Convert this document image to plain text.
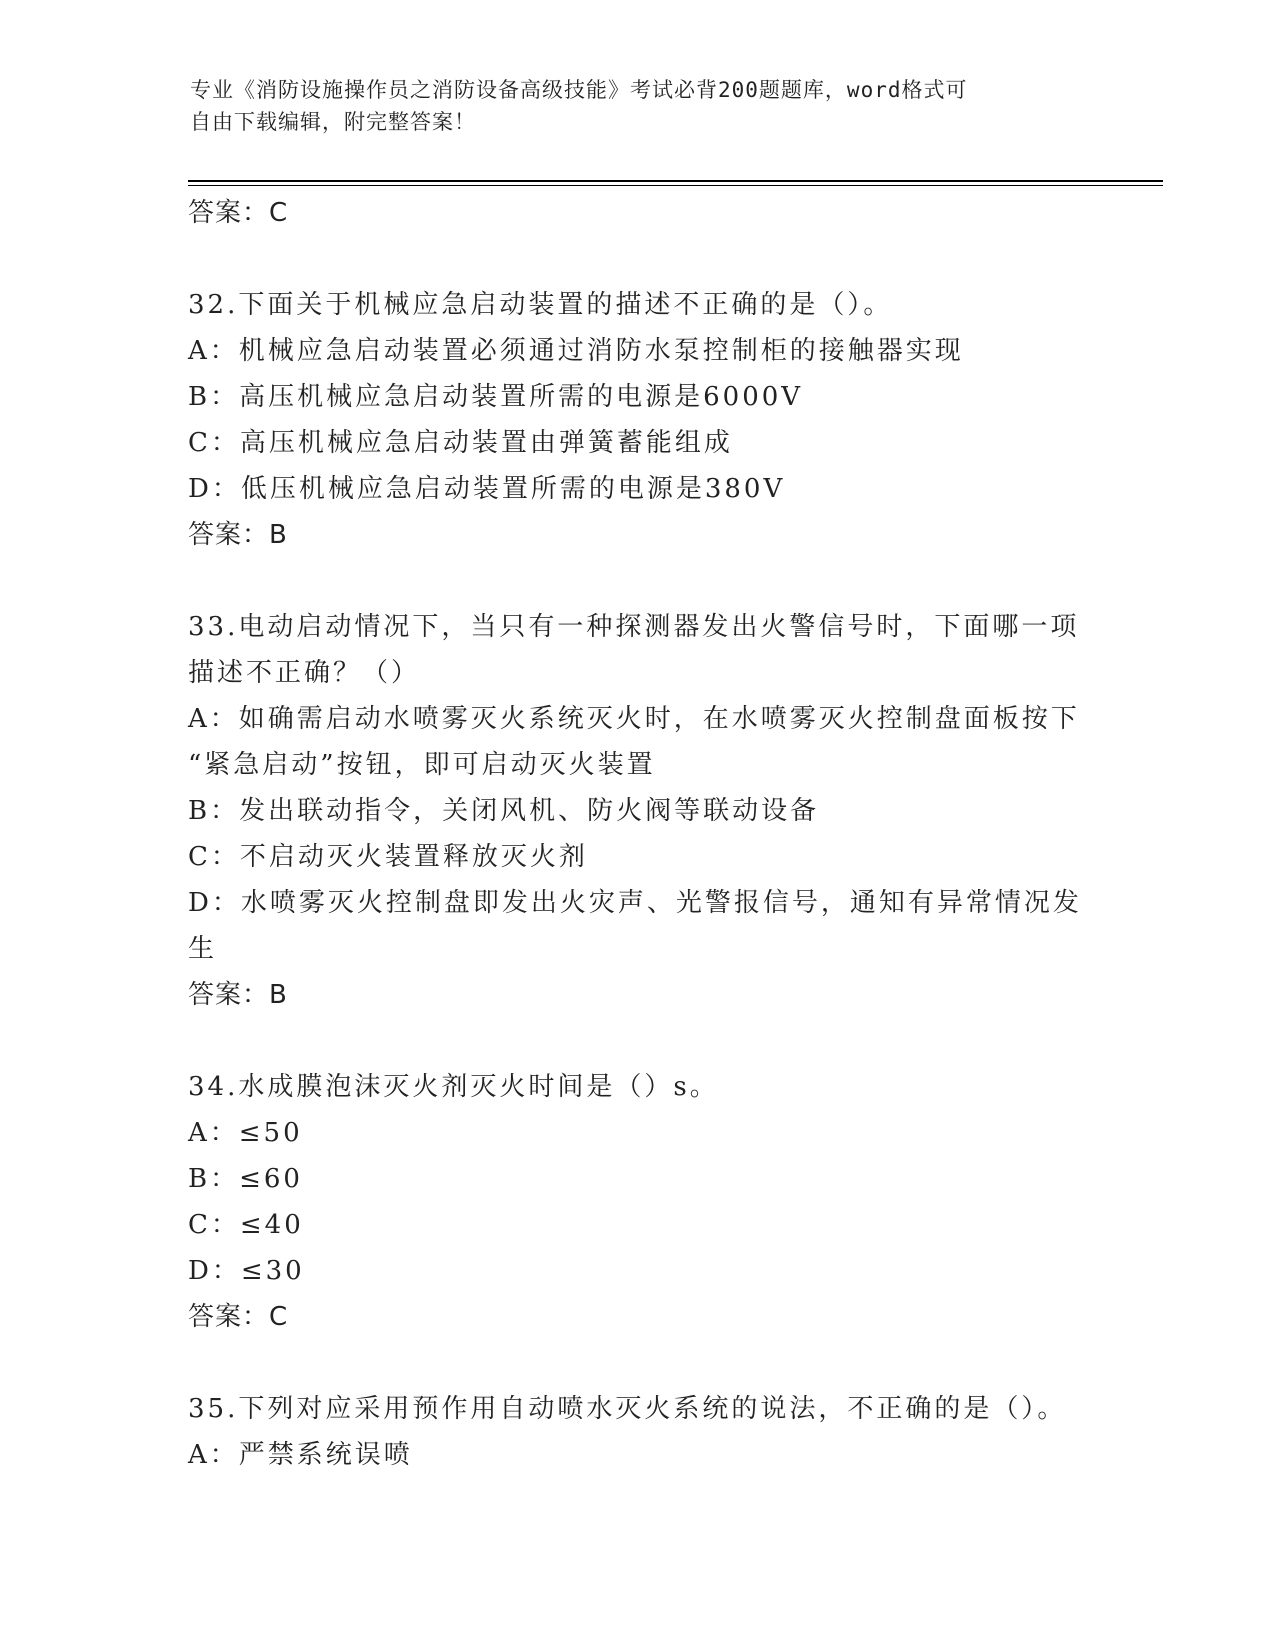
专业《消防设施操作员之消防设备高级技能》考试必背200题题库，word格式可
自由下载编辑，附完整答案！
答案：C
32.下面关于机械应急启动装置的描述不正确的是（）。
A：机械应急启动装置必须通过消防水泵控制柜的接触器实现
B：高压机械应急启动装置所需的电源是6000V
C：高压机械应急启动装置由弹簧蓄能组成
D：低压机械应急启动装置所需的电源是380V
答案：B
33.电动启动情况下，当只有一种探测器发出火警信号时，下面哪一项
描述不正确？（）
A：如确需启动水喷雾灭火系统灭火时，在水喷雾灭火控制盘面板按下
“紧急启动”按钮，即可启动灭火装置
B：发出联动指令，关闭风机、防火阀等联动设备
C：不启动灭火装置释放灭火剂
D：水喷雾灭火控制盘即发出火灾声、光警报信号，通知有异常情况发
生
答案：B
34.水成膜泡沫灭火剂灭火时间是（）s。
A：≤50
B：≤60
C：≤40
D：≤30
答案：C
35.下列对应采用预作用自动喷水灭火系统的说法，不正确的是（）。
A：严禁系统误喷
